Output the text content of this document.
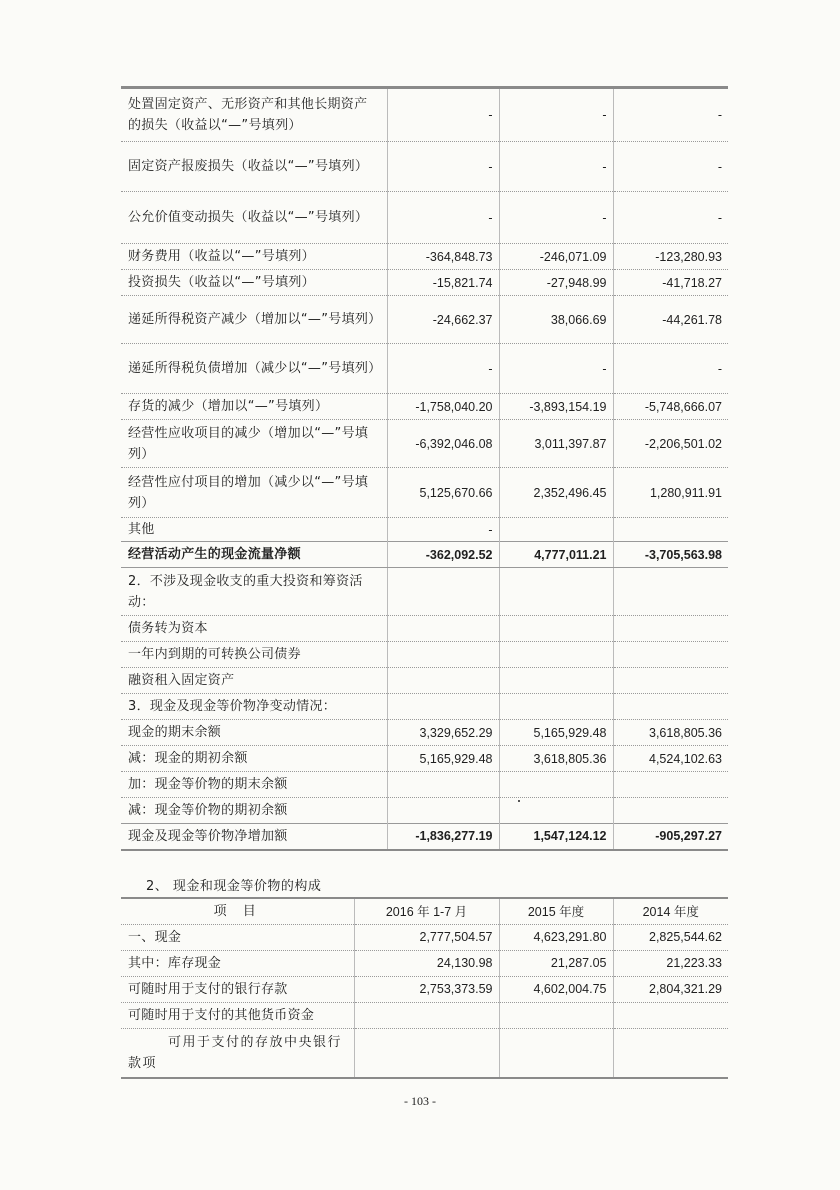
处置固定资产、无形资产和其他长期资产的损失（收益以“—”号填列）	-	-	-
固定资产报废损失（收益以“—”号填列）	-	-	-
公允价值变动损失（收益以“—”号填列）	-	-	-
财务费用（收益以“—”号填列）	-364,848.73	-246,071.09	-123,280.93
投资损失（收益以“—”号填列）	-15,821.74	-27,948.99	-41,718.27
递延所得税资产减少（增加以“—”号填列）	-24,662.37	38,066.69	-44,261.78
递延所得税负债增加（减少以“—”号填列）	-	-	-
存货的减少（增加以“—”号填列）	-1,758,040.20	-3,893,154.19	-5,748,666.07
经营性应收项目的减少（增加以“—”号填列）	-6,392,046.08	3,011,397.87	-2,206,501.02
经营性应付项目的增加（减少以“—”号填列）	5,125,670.66	2,352,496.45	1,280,911.91
其他	-		
经营活动产生的现金流量净额	-362,092.52	4,777,011.21	-3,705,563.98
2．不涉及现金收支的重大投资和筹资活动：			
债务转为资本			
一年内到期的可转换公司债券			
融资租入固定资产			
3．现金及现金等价物净变动情况：			
现金的期末余额	3,329,652.29	5,165,929.48	3,618,805.36
减：现金的期初余额	5,165,929.48	3,618,805.36	4,524,102.63
加：现金等价物的期末余额			
减：现金等价物的期初余额			
现金及现金等价物净增加额	-1,836,277.19	1,547,124.12	-905,297.27
2、 现金和现金等价物的构成
项 目	2016 年 1-7 月	2015 年度	2014 年度
一、现金	2,777,504.57	4,623,291.80	2,825,544.62
其中：库存现金	24,130.98	21,287.05	21,223.33
可随时用于支付的银行存款	2,753,373.59	4,602,004.75	2,804,321.29
可随时用于支付的其他货币资金			
可用于支付的存放中央银行款项			
- 103 -
